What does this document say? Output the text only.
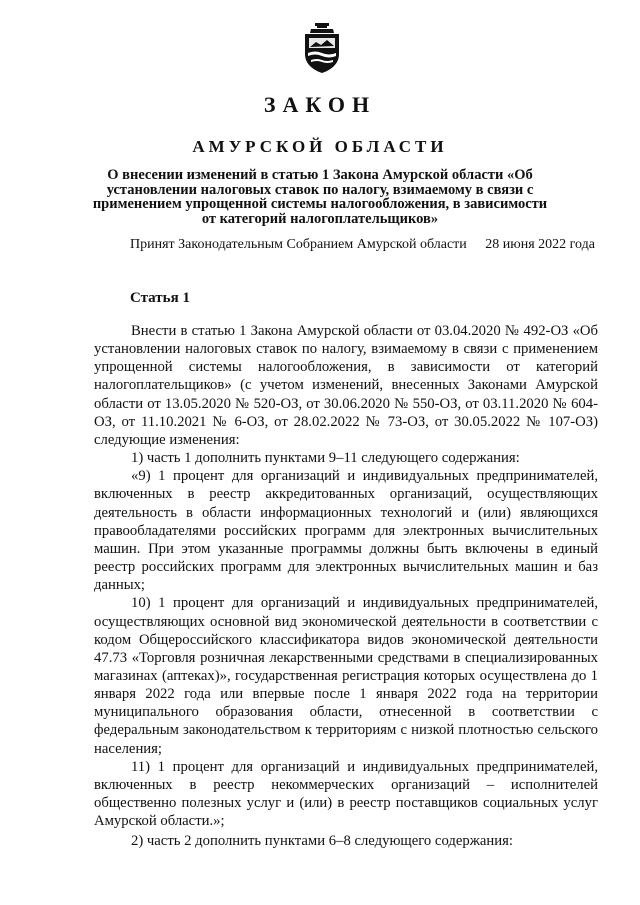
ЗАКОН
АМУРСКОЙ ОБЛАСТИ
О внесении изменений в статью 1 Закона Амурской области «Об установлении налоговых ставок по налогу, взимаемому в связи с применением упрощенной системы налогообложения, в зависимости от категорий налогоплательщиков»
Принят Законодательным Собранием Амурской области 28 июня 2022 года
Статья 1

Внести в статью 1 Закона Амурской области от 03.04.2020 № 492-ОЗ «Об установлении налоговых ставок по налогу, взимаемому в связи с применением упрощенной системы налогообложения, в зависимости от категорий налогоплательщиков» (с учетом изменений, внесенных Законами Амурской области от 13.05.2020 № 520-ОЗ, от 30.06.2020 № 550-ОЗ, от 03.11.2020 № 604-ОЗ, от 11.10.2021 № 6-ОЗ, от 28.02.2022 № 73-ОЗ, от 30.05.2022 № 107-ОЗ) следующие изменения:

1) часть 1 дополнить пунктами 9–11 следующего содержания:

«9) 1 процент для организаций и индивидуальных предпринимателей, включенных в реестр аккредитованных организаций, осуществляющих деятельность в области информационных технологий и (или) являющихся правообладателями российских программ для электронных вычислительных машин. При этом указанные программы должны быть включены в единый реестр российских программ для электронных вычислительных машин и баз данных;

10) 1 процент для организаций и индивидуальных предпринимателей, осуществляющих основной вид экономической деятельности в соответствии с кодом Общероссийского классификатора видов экономической деятельности 47.73 «Торговля розничная лекарственными средствами в специализированных магазинах (аптеках)», государственная регистрация которых осуществлена до 1 января 2022 года или впервые после 1 января 2022 года на территории муниципального образования области, отнесенной в соответствии с федеральным законодательством к территориям с низкой плотностью сельского населения;

11) 1 процент для организаций и индивидуальных предпринимателей, включенных в реестр некоммерческих организаций – исполнителей общественно полезных услуг и (или) в реестр поставщиков социальных услуг Амурской области.»;

2) часть 2 дополнить пунктами 6–8 следующего содержания:
